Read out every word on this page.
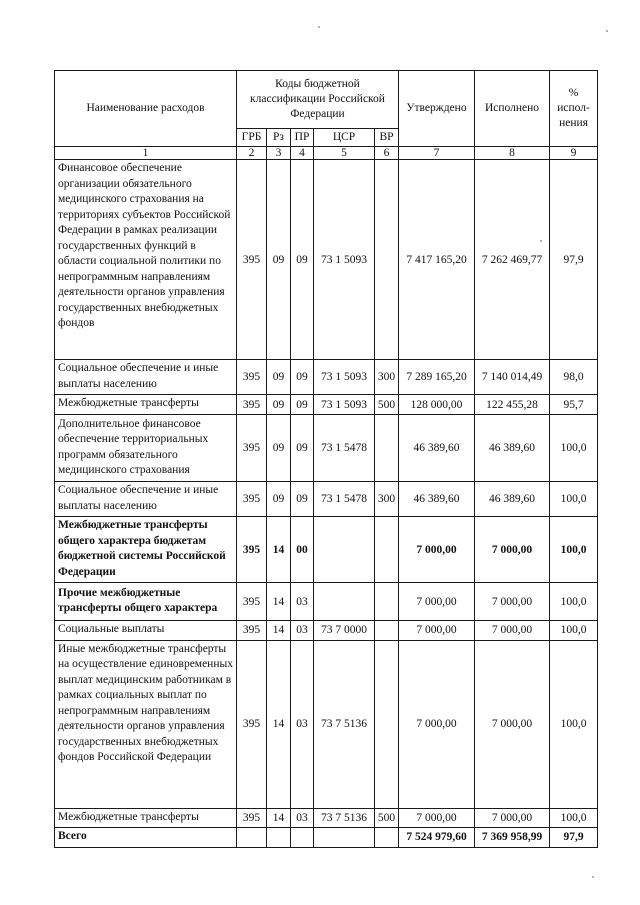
Наименование расходов	Коды бюджетной классификации Российской Федерации					Утверждено	Исполнено	% испол-нения
	ГРБ	Рз	ПР	ЦСР	ВР			
1	2	3	4	5	6	7	8	9
Финансовое обеспечение организации обязательного медицинского страхования на территориях субъектов Российской Федерации в рамках реализации государственных функций в области социальной политики по непрограммным направлениям деятельности органов управления государственных внебюджетных фондов	395	09	09	73 1 5093		7 417 165,20	7 262 469,77	97,9
Социальное обеспечение и иные выплаты населению	395	09	09	73 1 5093	300	7 289 165,20	7 140 014,49	98,0
Межбюджетные трансферты	395	09	09	73 1 5093	500	128 000,00	122 455,28	95,7
Дополнительное финансовое обеспечение территориальных программ обязательного медицинского страхования	395	09	09	73 1 5478		46 389,60	46 389,60	100,0
Социальное обеспечение и иные выплаты населению	395	09	09	73 1 5478	300	46 389,60	46 389,60	100,0
Межбюджетные трансферты общего характера бюджетам бюджетной системы Российской Федерации	395	14	00			7 000,00	7 000,00	100,0
Прочие межбюджетные трансферты общего характера	395	14	03			7 000,00	7 000,00	100,0
Социальные выплаты	395	14	03	73 7 0000		7 000,00	7 000,00	100,0
Иные межбюджетные трансферты на осуществление единовременных выплат медицинским работникам в рамках социальных выплат по непрограммным направлениям деятельности органов управления государственных внебюджетных фондов Российской Федерации	395	14	03	73 7 5136		7 000,00	7 000,00	100,0
Межбюджетные трансферты	395	14	03	73 7 5136	500	7 000,00	7 000,00	100,0
Всего						7 524 979,60	7 369 958,99	97,9
